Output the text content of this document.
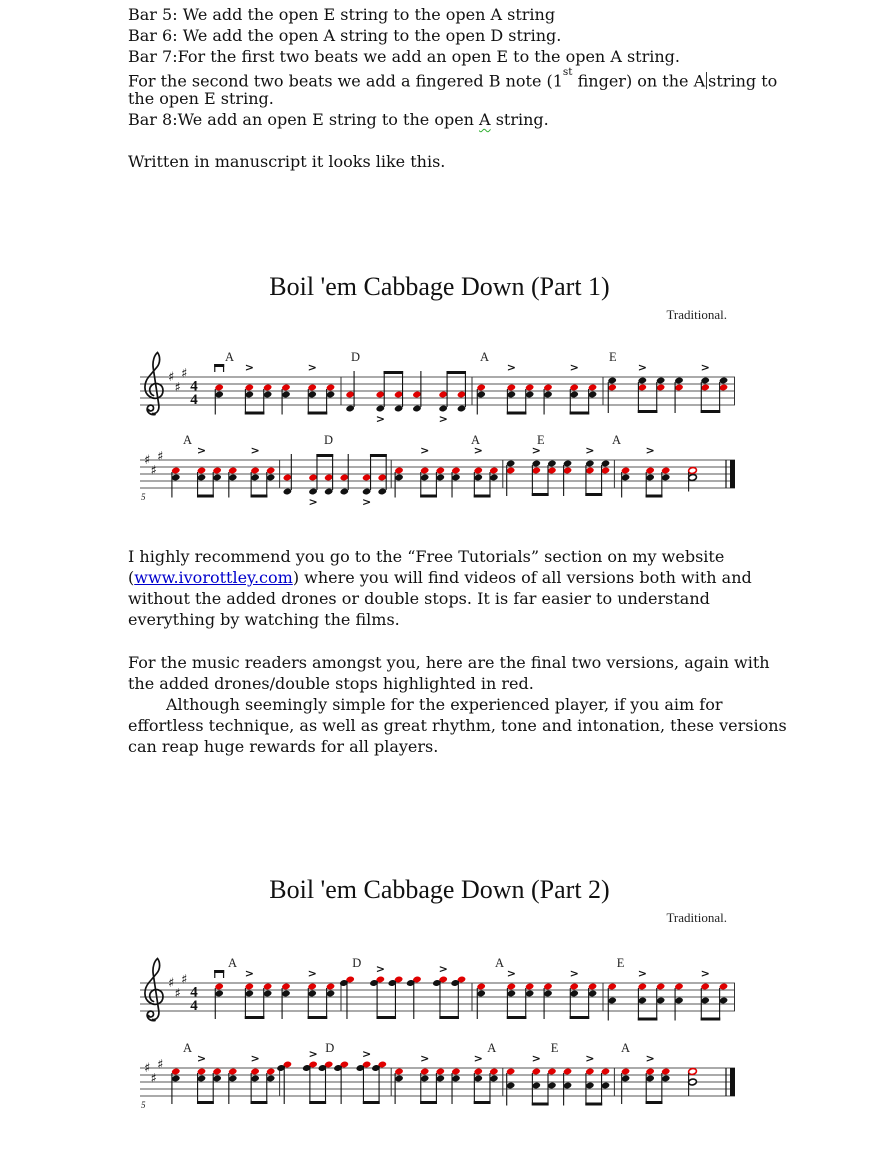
Bar 5: We add the open E string to the open A string
Bar 6: We add the open A string to the open D string.
Bar 7:For the first two beats we add an open E to the open A string.
For the second two beats we add a fingered B note (1st finger) on the A string to
the open E string.
Bar 8:We add an open E string to the open A string.

Written in manuscript it looks like this.
Boil 'em Cabbage Down (Part 1)
Traditional.
A	D	A	E
♯
♯
♯
4
4
>	>
>	>
>	>	>	>
A	D	A	E	A
♯
♯
♯	>	>
>	>
>	>	>	>	>
5
I highly recommend you go to the “Free Tutorials” section on my website
(www.ivorottley.com) where you will find videos of all versions both with and
without the added drones or double stops. It is far easier to understand
everything by watching the films.
For the music readers amongst you, here are the final two versions, again with
the added drones/double stops highlighted in red.
Although seemingly simple for the experienced player, if you aim for
effortless technique, as well as great rhythm, tone and intonation, these versions
can reap huge rewards for all players.
Boil 'em Cabbage Down (Part 2)
Traditional.
A	D	A	E
♯
♯
♯
4
4
>	>	>	>	>	>	>	>
A	D	A	E	A
♯
♯
♯	>	>	>	>	>	>	>	>	>
5
